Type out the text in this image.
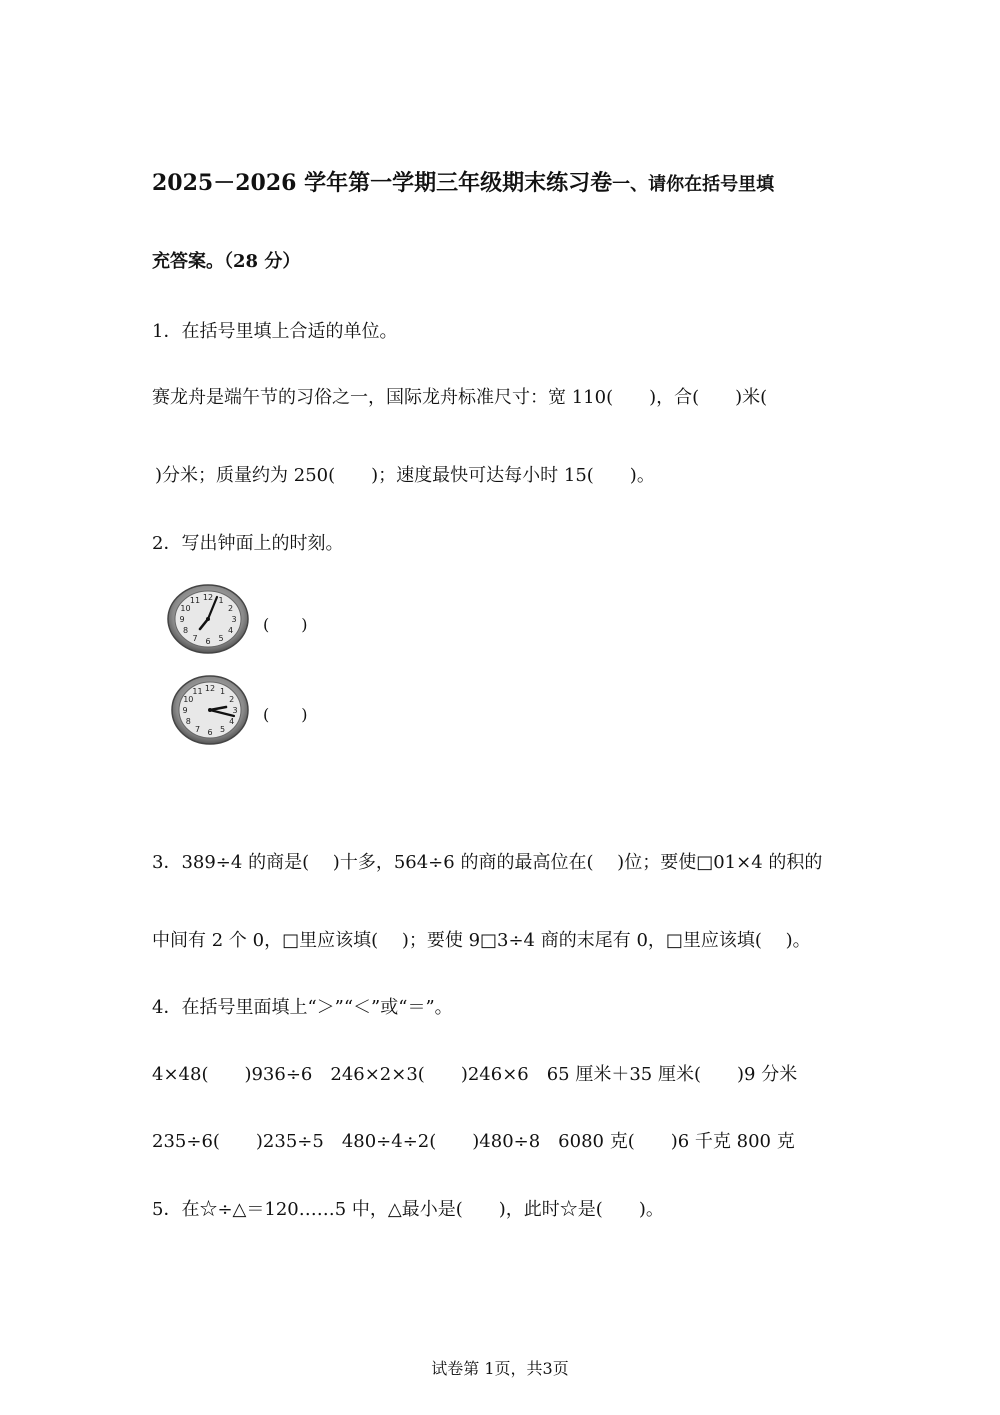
2025－2026 学年第一学期三年级期末练习卷一、请你在括号里填
充答案。（28 分）
1．在括号里填上合适的单位。
赛龙舟是端午节的习俗之一，国际龙舟标准尺寸：宽 110(　　)，合(　　)米(
)分米；质量约为 250(　　)；速度最快可达每小时 15(　　)。
2．写出钟面上的时刻。
12 1
2
3
4
5
6
7
8
9
10
11
(　　)
12 1
2
3
4
5
6
7
8
9
10
11
(　　)
3．389÷4 的商是(　 )十多，564÷6 的商的最高位在(　 )位；要使□01×4 的积的
中间有 2 个 0，□里应该填(　 )；要使 9□3÷4 商的末尾有 0，□里应该填(　 )。
4．在括号里面填上“＞”“＜”或“＝”。
4×48(　　)936÷6　246×2×3(　　)246×6　65 厘米＋35 厘米(　　)9 分米
235÷6(　　)235÷5　480÷4÷2(　　)480÷8　6080 克(　　)6 千克 800 克
5．在☆÷△＝120……5 中，△最小是(　　)，此时☆是(　　)。
试卷第 1页，共3页
